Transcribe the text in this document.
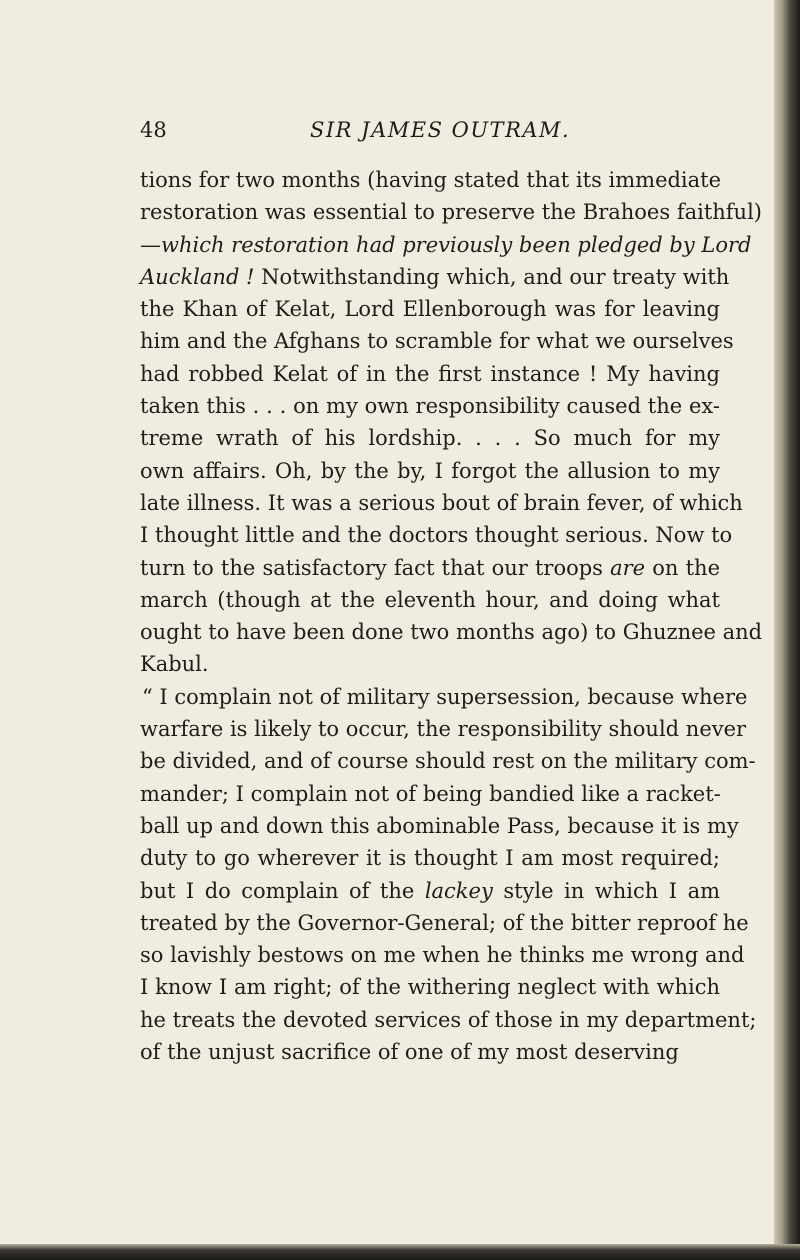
48	SIR JAMES OUTRAM.
tions for two months (having stated that its immediate
restoration was essential to preserve the Brahoes faithful)
—which restoration had previously been pledged by Lord
Auckland ! Notwithstanding which, and our treaty with
the Khan of Kelat, Lord Ellenborough was for leaving
him and the Afghans to scramble for what we ourselves
had robbed Kelat of in the first instance ! My having
taken this . . . on my own responsibility caused the ex-
treme wrath of his lordship. . . . So much for my
own affairs. Oh, by the by, I forgot the allusion to my
late illness. It was a serious bout of brain fever, of which
I thought little and the doctors thought serious. Now to
turn to the satisfactory fact that our troops are on the
march (though at the eleventh hour, and doing what
ought to have been done two months ago) to Ghuznee and
Kabul.
“ I complain not of military supersession, because where
warfare is likely to occur, the responsibility should never
be divided, and of course should rest on the military com-
mander; I complain not of being bandied like a racket-
ball up and down this abominable Pass, because it is my
duty to go wherever it is thought I am most required;
but I do complain of the lackey style in which I am
treated by the Governor-General; of the bitter reproof he
so lavishly bestows on me when he thinks me wrong and
I know I am right; of the withering neglect with which
he treats the devoted services of those in my department;
of the unjust sacrifice of one of my most deserving
